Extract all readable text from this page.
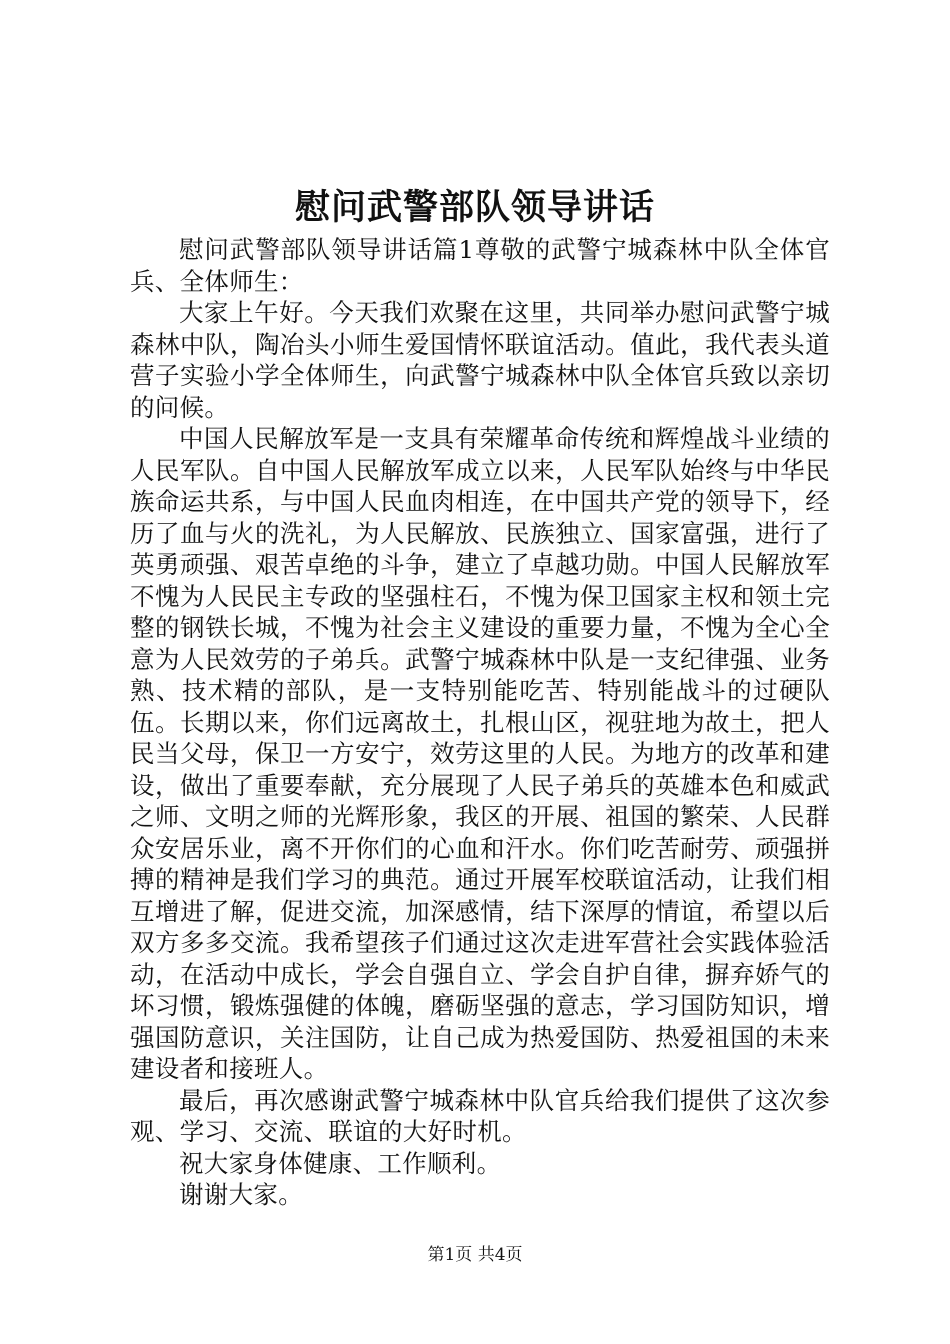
慰问武警部队领导讲话

慰问武警部队领导讲话篇1尊敬的武警宁城森林中队全体官兵、全体师生：

大家上午好。今天我们欢聚在这里，共同举办慰问武警宁城森林中队，陶冶头小师生爱国情怀联谊活动。值此，我代表头道营子实验小学全体师生，向武警宁城森林中队全体官兵致以亲切的问候。

中国人民解放军是一支具有荣耀革命传统和辉煌战斗业绩的人民军队。自中国人民解放军成立以来，人民军队始终与中华民族命运共系，与中国人民血肉相连，在中国共产党的领导下，经历了血与火的洗礼，为人民解放、民族独立、国家富强，进行了英勇顽强、艰苦卓绝的斗争，建立了卓越功勋。中国人民解放军不愧为人民民主专政的坚强柱石，不愧为保卫国家主权和领土完整的钢铁长城，不愧为社会主义建设的重要力量，不愧为全心全意为人民效劳的子弟兵。武警宁城森林中队是一支纪律强、业务熟、技术精的部队，是一支特别能吃苦、特别能战斗的过硬队伍。长期以来，你们远离故土，扎根山区，视驻地为故土，把人民当父母，保卫一方安宁，效劳这里的人民。为地方的改革和建设，做出了重要奉献，充分展现了人民子弟兵的英雄本色和威武之师、文明之师的光辉形象，我区的开展、祖国的繁荣、人民群众安居乐业，离不开你们的心血和汗水。你们吃苦耐劳、顽强拼搏的精神是我们学习的典范。通过开展军校联谊活动，让我们相互增进了解，促进交流，加深感情，结下深厚的情谊，希望以后双方多多交流。我希望孩子们通过这次走进军营社会实践体验活动，在活动中成长，学会自强自立、学会自护自律，摒弃娇气的坏习惯，锻炼强健的体魄，磨砺坚强的意志，学习国防知识，增强国防意识，关注国防，让自己成为热爱国防、热爱祖国的未来建设者和接班人。

最后，再次感谢武警宁城森林中队官兵给我们提供了这次参观、学习、交流、联谊的大好时机。

祝大家身体健康、工作顺利。

谢谢大家。

第1页 共4页
